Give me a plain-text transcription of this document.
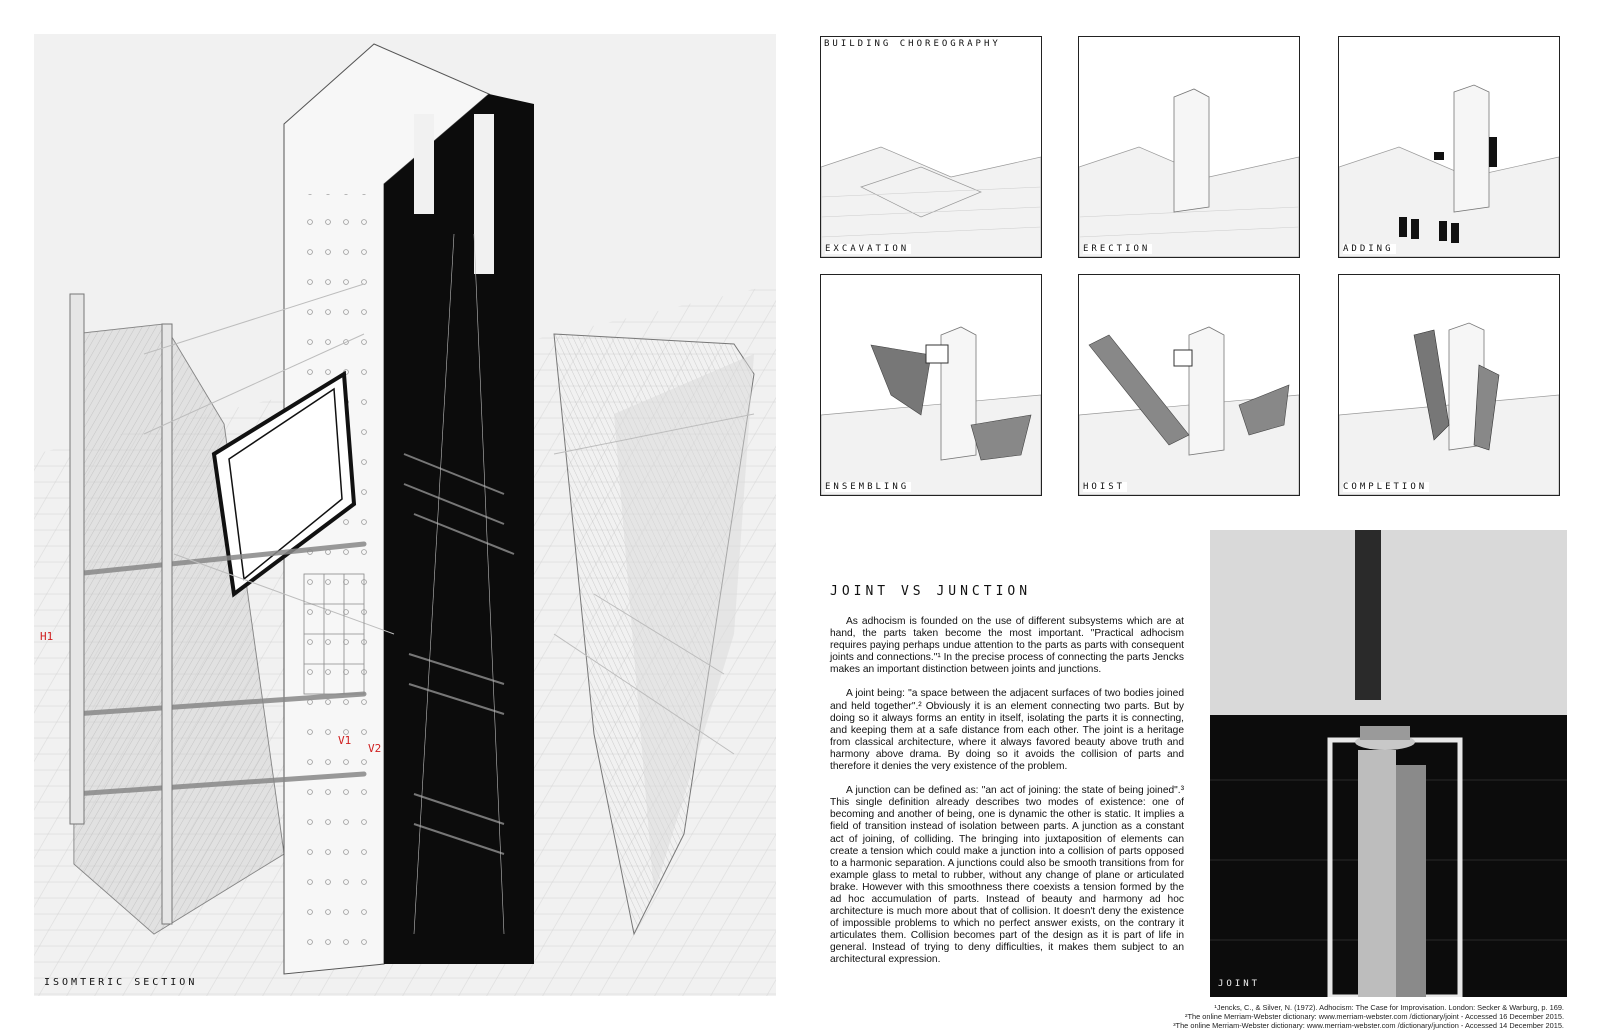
H1
V1
V2
ISOMTERIC SECTION
BUILDING CHOREOGRAPHY
EXCAVATION	ERECTION	ADDING
ENSEMBLING	HOIST	COMPLETION
JOINT VS JUNCTION

As adhocism is founded on the use of different subsystems which are at hand, the parts taken become the most important. "Practical adhocism requires paying perhaps undue attention to the parts as parts with consequent joints and connections."¹ In the precise process of connecting the parts Jencks makes an important distinction between joints and junctions.

A joint being: "a space between the adjacent surfaces of two bodies joined and held together".² Obviously it is an element connecting two parts. But by doing so it always forms an entity in itself, isolating the parts it is connecting, and keeping them at a safe distance from each other. The joint is a heritage from classical architecture, where it always favored beauty above truth and harmony above drama. By doing so it avoids the collision of parts and therefore it denies the very existence of the problem.

A junction can be defined as: "an act of joining: the state of being joined".³ This single definition already describes two modes of existence: one of becoming and another of being, one is dynamic the other is static. It implies a field of transition instead of isolation between parts. A junction as a constant act of joining, of colliding. The bringing into juxtaposition of elements can create a tension which could make a junction into a collision of parts opposed to a harmonic separation. A junctions could also be smooth transitions from for example glass to metal to rubber, without any change of plane or articulated brake. However with this smoothness there coexists a tension formed by the ad hoc accumulation of parts. Instead of beauty and harmony ad hoc architecture is much more about that of collision. It doesn't deny the existence of impossible problems to which no perfect answer exists, on the contrary it articulates them. Collision becomes part of the design as it is part of life in general. Instead of trying to deny difficulties, it makes them subject to an architectural expression.

JOINT
¹Jencks, C., & Silver, N. (1972). Adhocism: The Case for Improvisation. London: Secker & Warburg, p. 169.
²The online Merriam-Webster dictionary: www.merriam-webster.com /dictionary/joint - Accessed 16 December 2015.
³The online Merriam-Webster dictionary: www.merriam-webster.com /dictionary/junction - Accessed 14 December 2015.
